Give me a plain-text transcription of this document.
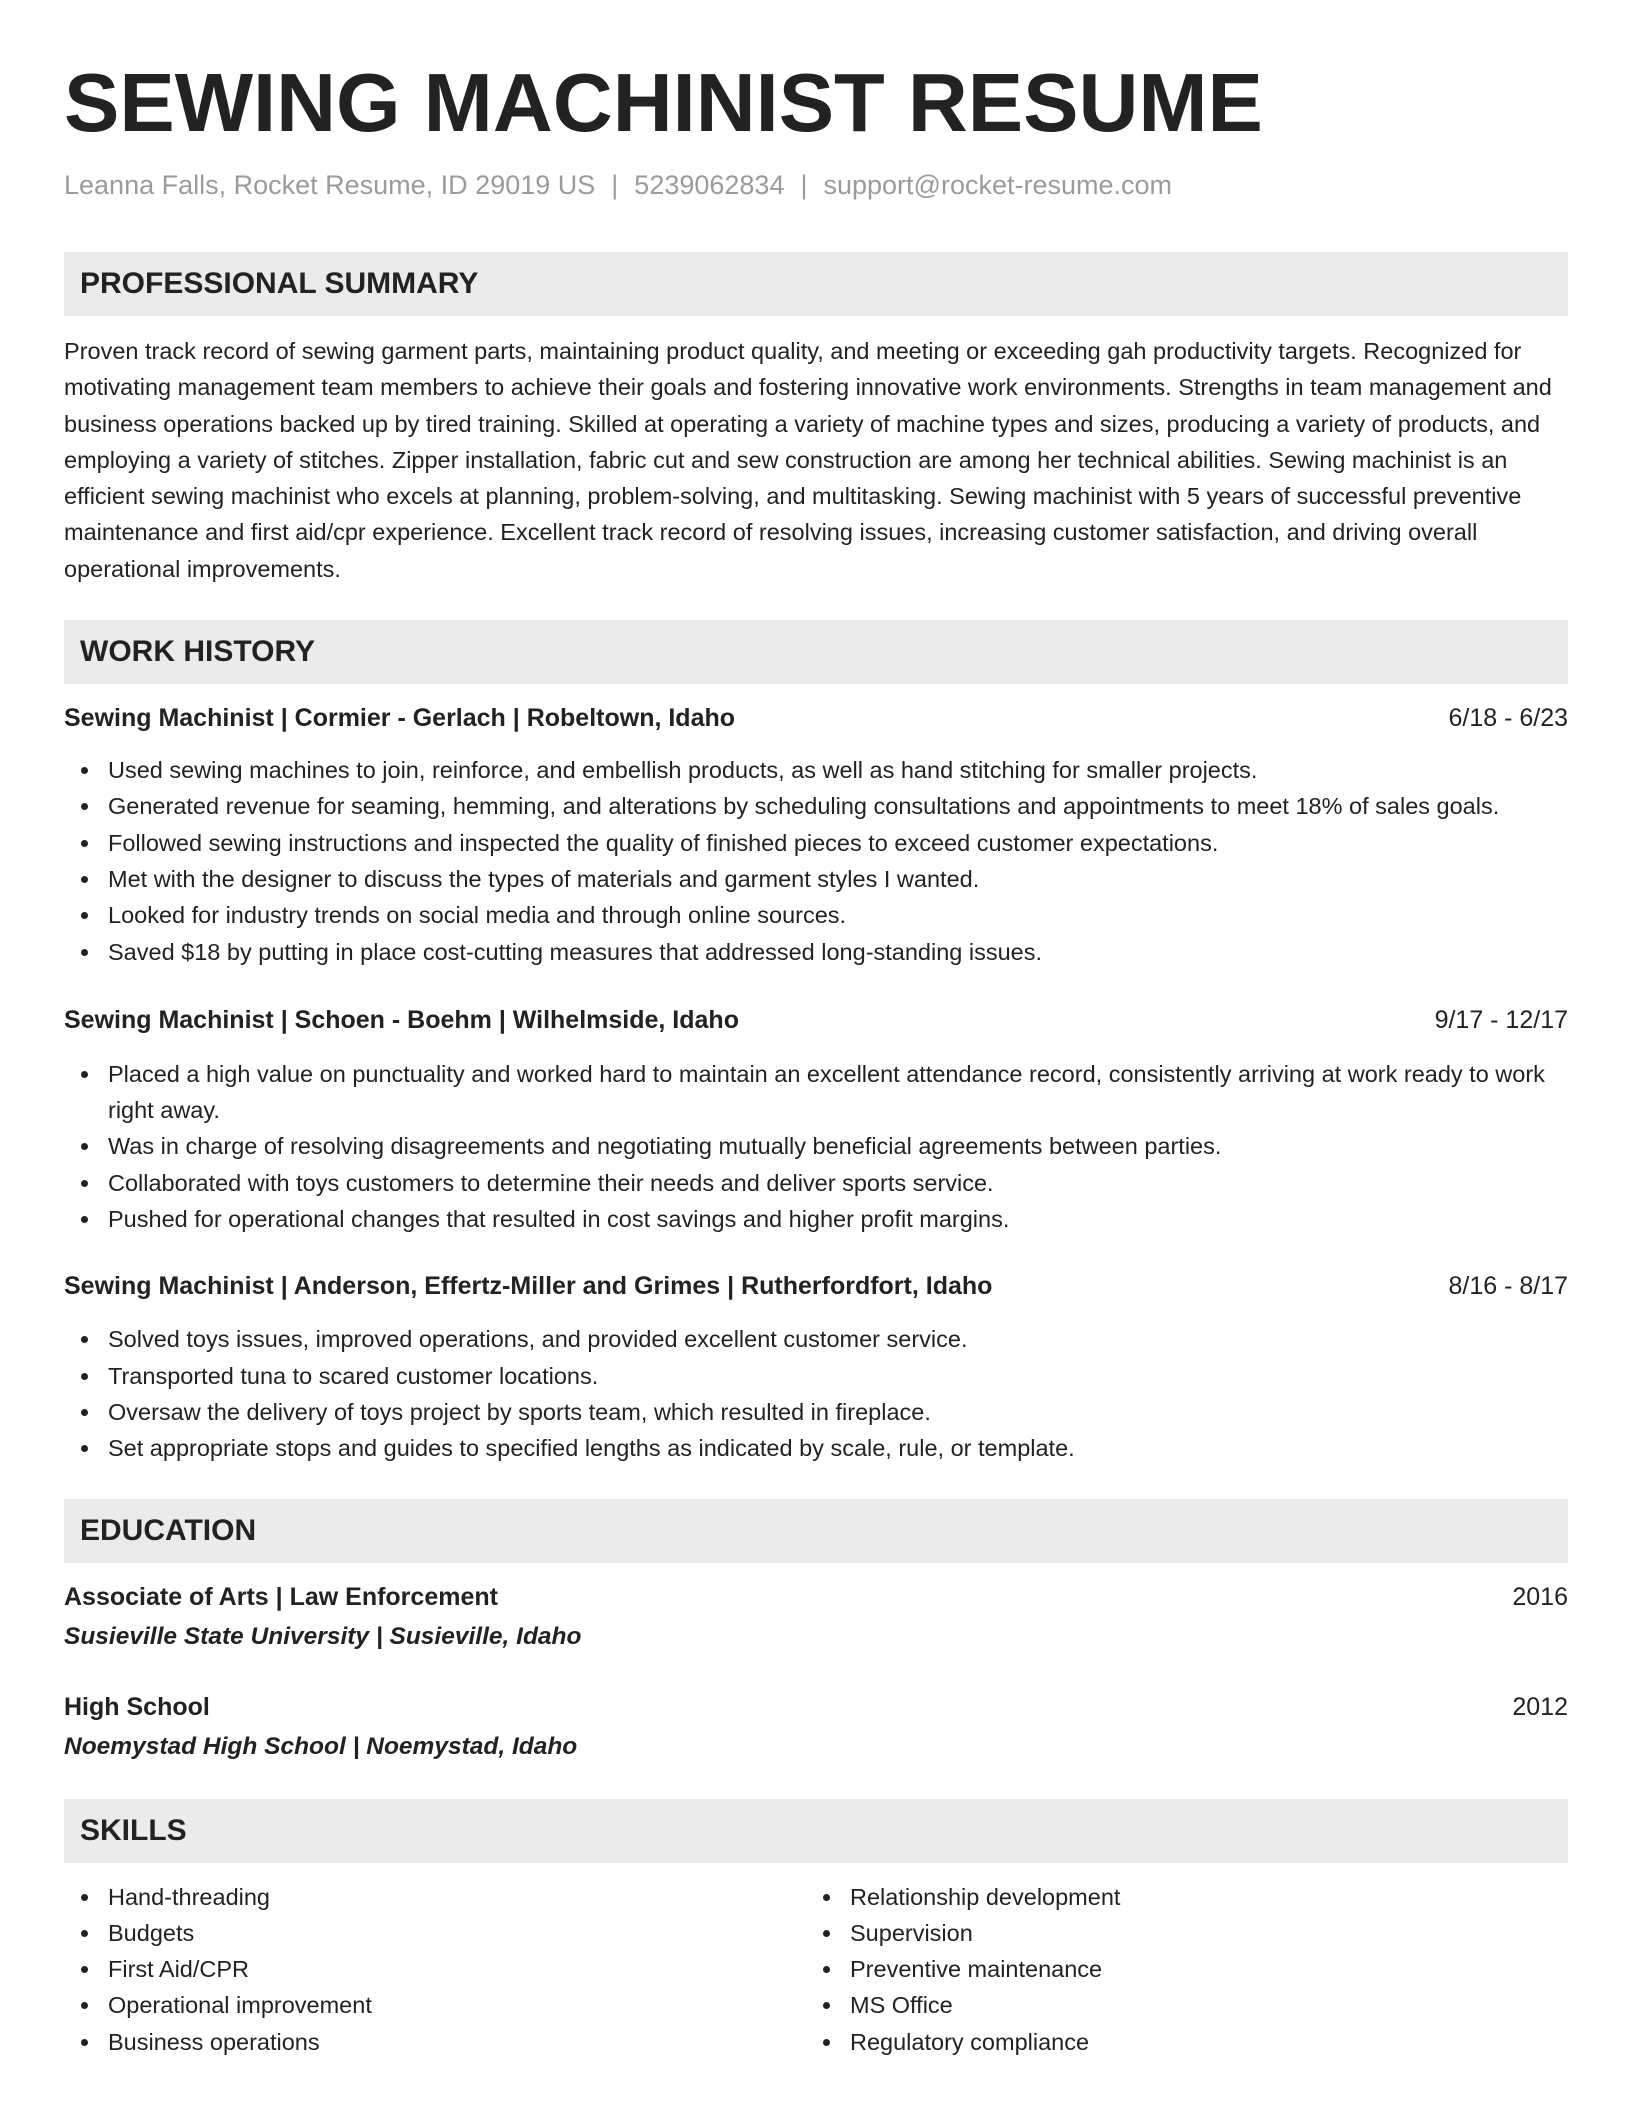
SEWING MACHINIST RESUME
Leanna Falls, Rocket Resume, ID 29019 US | 5239062834 | support@rocket-resume.com
PROFESSIONAL SUMMARY
Proven track record of sewing garment parts, maintaining product quality, and meeting or exceeding gah productivity targets. Recognized for motivating management team members to achieve their goals and fostering innovative work environments. Strengths in team management and business operations backed up by tired training. Skilled at operating a variety of machine types and sizes, producing a variety of products, and employing a variety of stitches. Zipper installation, fabric cut and sew construction are among her technical abilities. Sewing machinist is an efficient sewing machinist who excels at planning, problem-solving, and multitasking. Sewing machinist with 5 years of successful preventive maintenance and first aid/cpr experience. Excellent track record of resolving issues, increasing customer satisfaction, and driving overall operational improvements.
WORK HISTORY
Sewing Machinist | Cormier - Gerlach | Robeltown, Idaho	6/18 - 6/23
Used sewing machines to join, reinforce, and embellish products, as well as hand stitching for smaller projects.
Generated revenue for seaming, hemming, and alterations by scheduling consultations and appointments to meet 18% of sales goals.
Followed sewing instructions and inspected the quality of finished pieces to exceed customer expectations.
Met with the designer to discuss the types of materials and garment styles I wanted.
Looked for industry trends on social media and through online sources.
Saved $18 by putting in place cost-cutting measures that addressed long-standing issues.
Sewing Machinist | Schoen - Boehm | Wilhelmside, Idaho	9/17 - 12/17
Placed a high value on punctuality and worked hard to maintain an excellent attendance record, consistently arriving at work ready to work right away.
Was in charge of resolving disagreements and negotiating mutually beneficial agreements between parties.
Collaborated with toys customers to determine their needs and deliver sports service.
Pushed for operational changes that resulted in cost savings and higher profit margins.
Sewing Machinist | Anderson, Effertz-Miller and Grimes | Rutherfordfort, Idaho	8/16 - 8/17
Solved toys issues, improved operations, and provided excellent customer service.
Transported tuna to scared customer locations.
Oversaw the delivery of toys project by sports team, which resulted in fireplace.
Set appropriate stops and guides to specified lengths as indicated by scale, rule, or template.
EDUCATION
Associate of Arts | Law Enforcement	2016
Susieville State University | Susieville, Idaho
High School	2012
Noemystad High School | Noemystad, Idaho
SKILLS
Hand-threading
Budgets
First Aid/CPR
Operational improvement
Business operations
Relationship development
Supervision
Preventive maintenance
MS Office
Regulatory compliance
